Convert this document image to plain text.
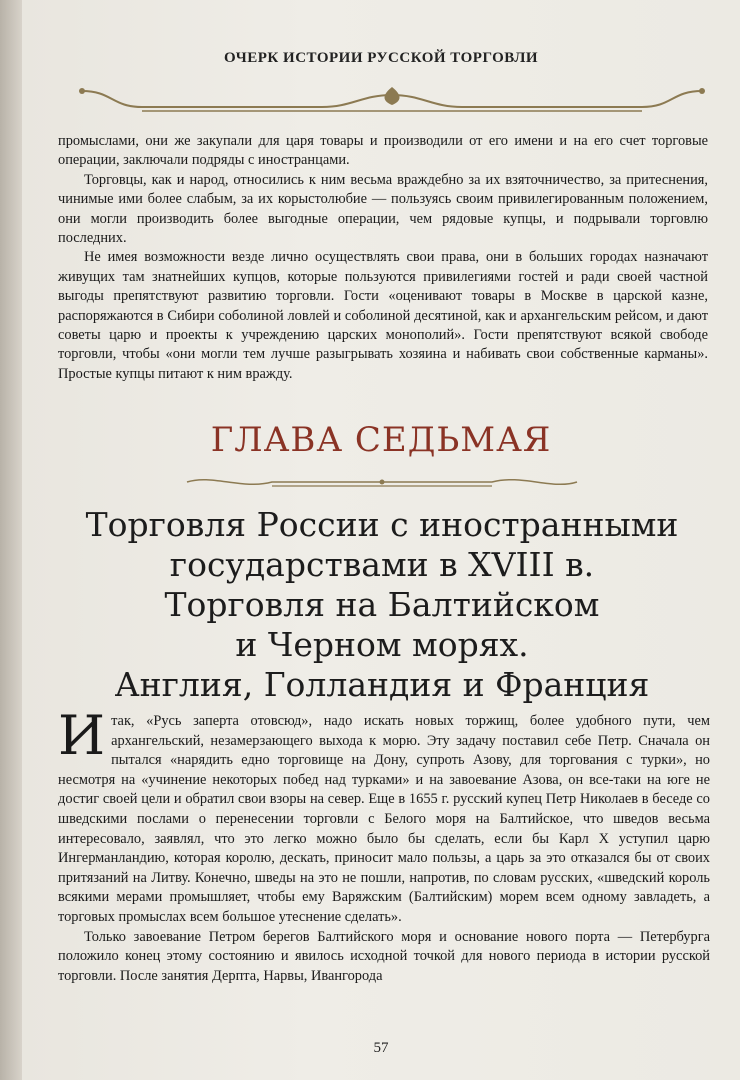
ОЧЕРК ИСТОРИИ РУССКОЙ ТОРГОВЛИ

промыслами, они же закупали для царя товары и производили от его имени и на его счет торговые операции, заключали подряды с иностранцами.

Торговцы, как и народ, относились к ним весьма враждебно за их взяточничество, за притеснения, чинимые ими более слабым, за их корыстолюбие — пользуясь своим привилегированным положением, они могли производить более выгодные операции, чем рядовые купцы, и подрывали торговлю последних.

Не имея возможности везде лично осуществлять свои права, они в больших городах назначают живущих там знатнейших купцов, которые пользуются привилегиями гостей и ради своей частной выгоды препятствуют развитию торговли. Гости «оценивают товары в Москве в царской казне, распоряжаются в Сибири соболиной ловлей и соболиной десятиной, как и архангельским рейсом, и дают советы царю и проекты к учреждению царских монополий». Гости препятствуют всякой свободе торговли, чтобы «они могли тем лучше разыгрывать хозяина и набивать свои собственные карманы». Простые купцы питают к ним вражду.

ГЛАВА СЕДЬМАЯ
Торговля России с иностранными
государствами в XVIII в.
Торговля на Балтийском
и Черном морях.
Англия, Голландия и Франция

Итак, «Русь заперта отовсюд», надо искать новых торжищ, более удобного пути, чем архангельский, незамерзающего выхода к морю. Эту задачу поставил себе Петр. Сначала он пытался «нарядить едно торговище на Дону, супроть Азову, для торгования с турки», но несмотря на «учинение некоторых побед над турками» и на завоевание Азова, он все-таки на юге не достиг своей цели и обратил свои взоры на север. Еще в 1655 г. русский купец Петр Николаев в беседе со шведскими послами о перенесении торговли с Белого моря на Балтийское, что шведов весьма интересовало, заявлял, что это легко можно было бы сделать, если бы Карл X уступил царю Ингерманландию, которая королю, дескать, приносит мало пользы, а царь за это отказался бы от своих притязаний на Литву. Конечно, шведы на это не пошли, напротив, по словам русских, «шведский король всякими мерами промышляет, чтобы ему Варяжским (Балтийским) морем всем одному завладеть, а торговых промыслах всем большое утеснение сделать».

Только завоевание Петром берегов Балтийского моря и основание нового порта — Петербурга положило конец этому состоянию и явилось исходной точкой для нового периода в истории русской торговли. После занятия Дерпта, Нарвы, Ивангорода

57
